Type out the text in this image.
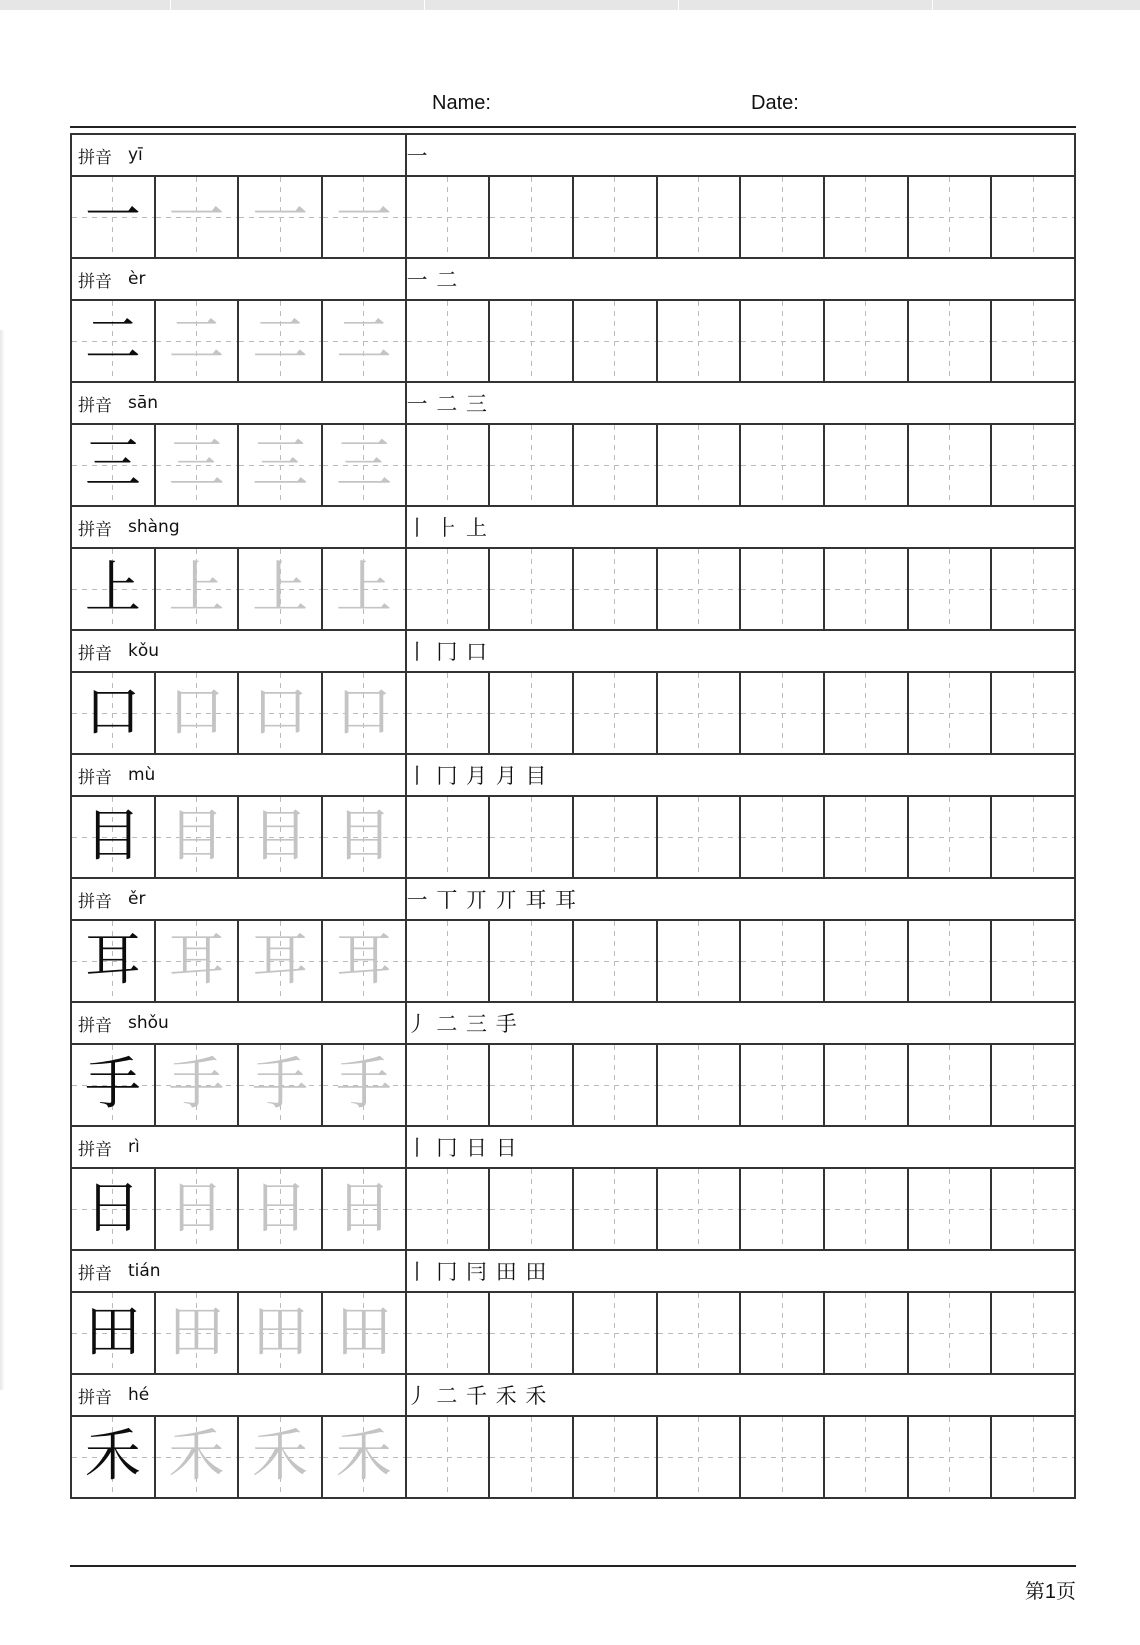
Name:	Date:
拼音 yī				一							

一	一	一	一								

拼音 èr				一 二							

二	二	二	二								

拼音 sān				一 二 三							

三	三	三	三								

拼音 shàng				丨 ⺊ 上							

上	上	上	上								

拼音 kǒu				丨 冂 口							

口	口	口	口								

拼音 mù				丨 冂 月 月 目							

目	目	目	目								

拼音 ěr				一 丅 丌 丌 耳 耳							

耳	耳	耳	耳								

拼音 shǒu				丿 二 三 手							

手	手	手	手								

拼音 rì				丨 冂 日 日							

日	日	日	日								

拼音 tián				丨 冂 冃 田 田							

田	田	田	田								

拼音 hé				丿 二 千 禾 禾							

禾	禾	禾	禾								

第1页
